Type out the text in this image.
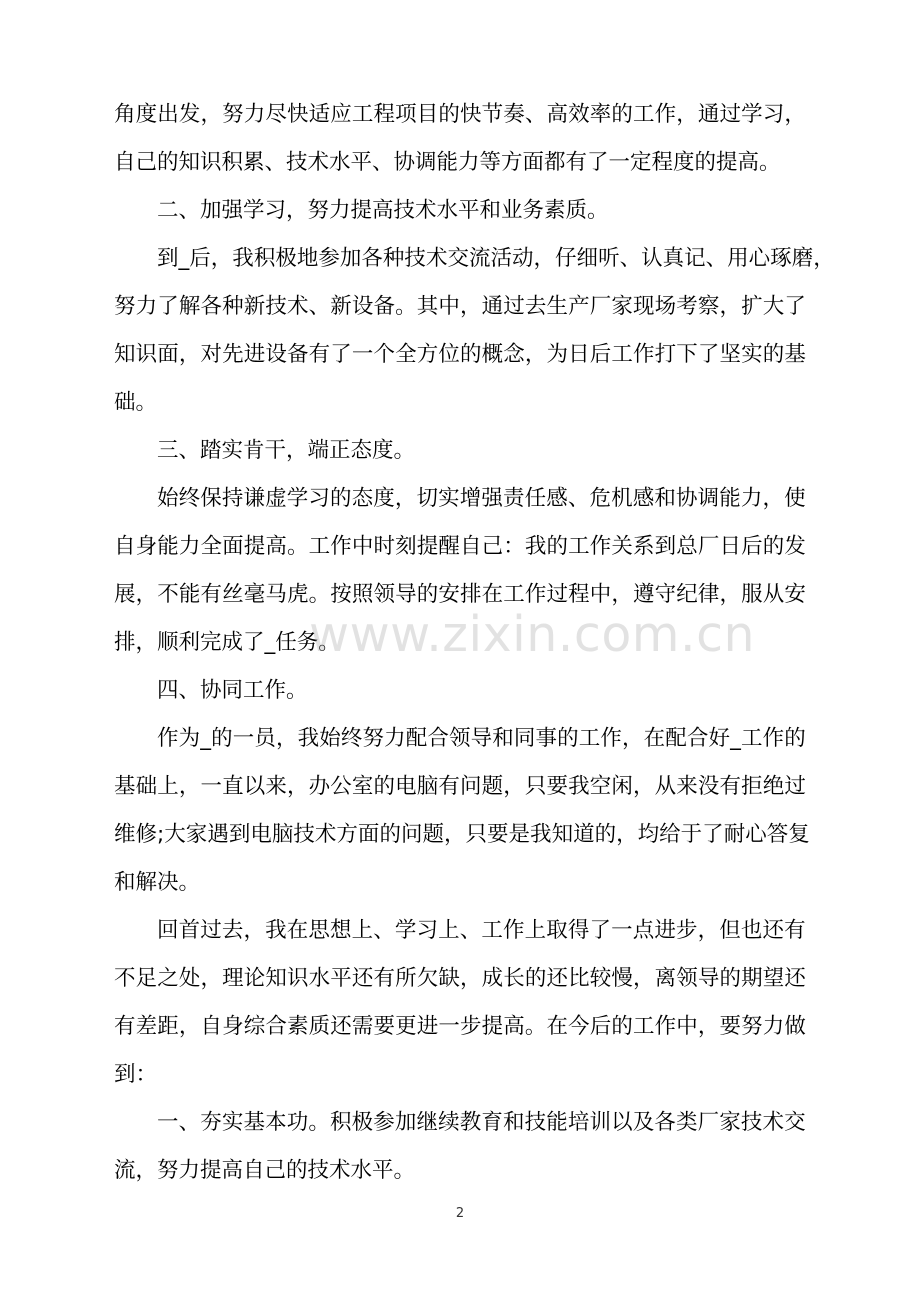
角 度 出 发 ， 努 力 尽 快 适 应 工 程 项 目 的 快 节 奏 、 高 效 率 的 工 作 ， 通 过 学 习 ，
自己的知识积累、技术水平、协调能力等方面都有了一定程度的提高。
二、加强学习，努力提高技术水平和业务素质。
到 _ 后 ， 我 积 极 地 参 加 各 种 技 术 交 流 活 动 ， 仔 细 听 、 认 真 记 、 用 心 琢 磨 ，
努 力 了 解 各 种 新 技 术 、 新 设 备 。 其 中 ， 通 过 去 生 产 厂 家 现 场 考 察 ， 扩 大 了
知 识 面 ， 对 先 进 设 备 有 了 一 个 全 方 位 的 概 念 ， 为 日 后 工 作 打 下 了 坚 实 的 基
础。
三、踏实肯干，端正态度。
始 终 保 持 谦 虚 学 习 的 态 度 ， 切 实 增 强 责 任 感 、 危 机 感 和 协 调 能 力 ， 使
自 身 能 力 全 面 提 高 。 工 作 中 时 刻 提 醒 自 己 ： 我 的 工 作 关 系 到 总 厂 日 后 的 发
展 ， 不 能 有 丝 毫 马 虎 。 按 照 领 导 的 安 排 在 工 作 过 程 中 ， 遵 守 纪 律 ， 服 从 安
排，顺利完成了_任务。
四、协同工作。
作 为 _ 的 一 员 ， 我 始 终 努 力 配 合 领 导 和 同 事 的 工 作 ， 在 配 合 好 _ 工 作 的
基 础 上 ， 一 直 以 来 ， 办 公 室 的 电 脑 有 问 题 ， 只 要 我 空 闲 ， 从 来 没 有 拒 绝 过
维 修 ; 大 家 遇 到 电 脑 技 术 方 面 的 问 题 ， 只 要 是 我 知 道 的 ， 均 给 于 了 耐 心 答 复
和解决。
回 首 过 去 ， 我 在 思 想 上 、 学 习 上 、 工 作 上 取 得 了 一 点 进 步 ， 但 也 还 有
不 足 之 处 ， 理 论 知 识 水 平 还 有 所 欠 缺 ， 成 长 的 还 比 较 慢 ， 离 领 导 的 期 望 还
有 差 距 ， 自 身 综 合 素 质 还 需 要 更 进 一 步 提 高 。 在 今 后 的 工 作 中 ， 要 努 力 做
到：
一 、 夯 实 基 本 功 。 积 极 参 加 继 续 教 育 和 技 能 培 训 以 及 各 类 厂 家 技 术 交
流，努力提高自己的技术水平。
www.zixin.com.cn
2
